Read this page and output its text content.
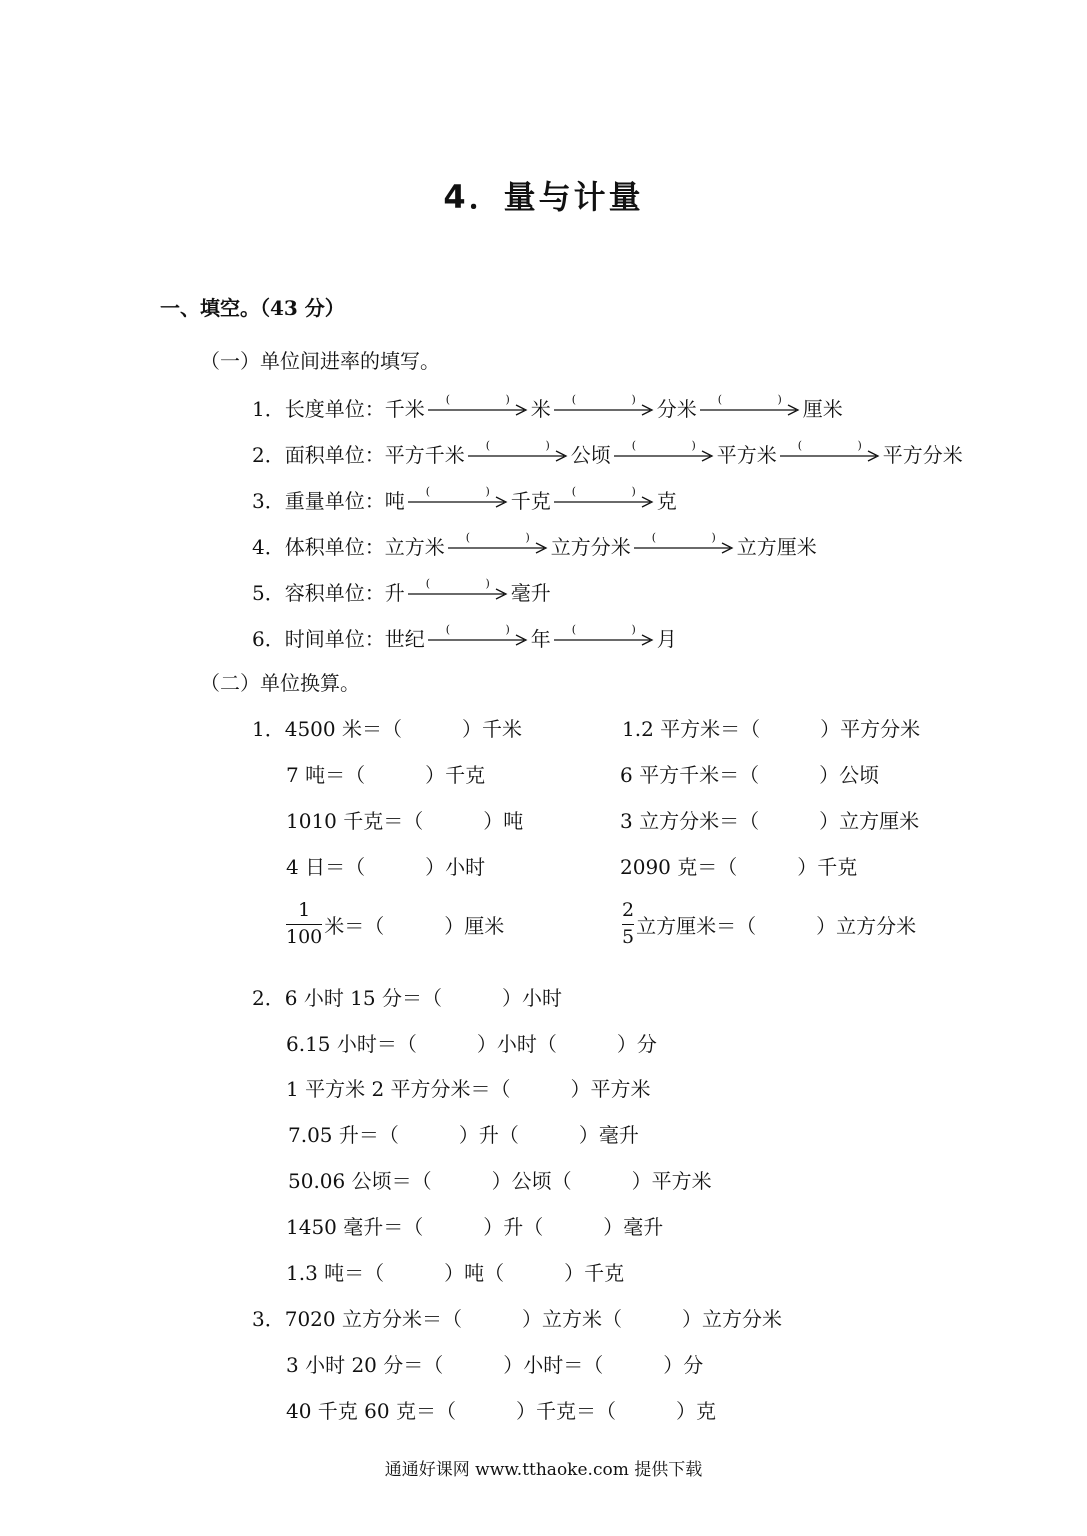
4．量与计量
一、填空。（43 分）
（一）单位间进率的填写。
1． 长度单位： 千米 (	) 米 (	) 分米 (	) 厘米
2． 面积单位： 平方千米 (	) 公顷 (	) 平方米 (	) 平方分米
3． 重量单位： 吨 (	) 千克 (	) 克
4． 体积单位： 立方米 (	) 立方分米 (	) 立方厘米
5． 容积单位： 升 (	) 毫升
6． 时间单位： 世纪 (	) 年 (	) 月
（二）单位换算。
1． 4500 米＝（　　　）千米	1.2 平方米＝（　　　）平方分米
7 吨＝（　　　）千克	6 平方千米＝（　　　）公顷
1010 千克＝（　　　）吨	3 立方分米＝（　　　）立方厘米
4 日＝（　　　）小时	2090 克＝（　　　）千克
$\frac{1}{100}$ 米＝（　　　）厘米	$\frac{2}{5}$ 立方厘米＝（　　　）立方分米
2． 6 小时 15 分＝（　　　）小时
6.15 小时＝（　　　）小时（　　　）分
1 平方米 2 平方分米＝（　　　）平方米
7.05 升＝（　　　）升（　　　）毫升
50.06 公顷＝（　　　）公顷（　　　）平方米
1450 毫升＝（　　　）升（　　　）毫升
1.3 吨＝（　　　）吨（　　　）千克
3． 7020 立方分米＝（　　　）立方米（　　　）立方分米
3 小时 20 分＝（　　　）小时＝（　　　）分
40 千克 60 克＝（　　　）千克＝（　　　）克
通通好课网 www.tthaoke.com 提供下载
